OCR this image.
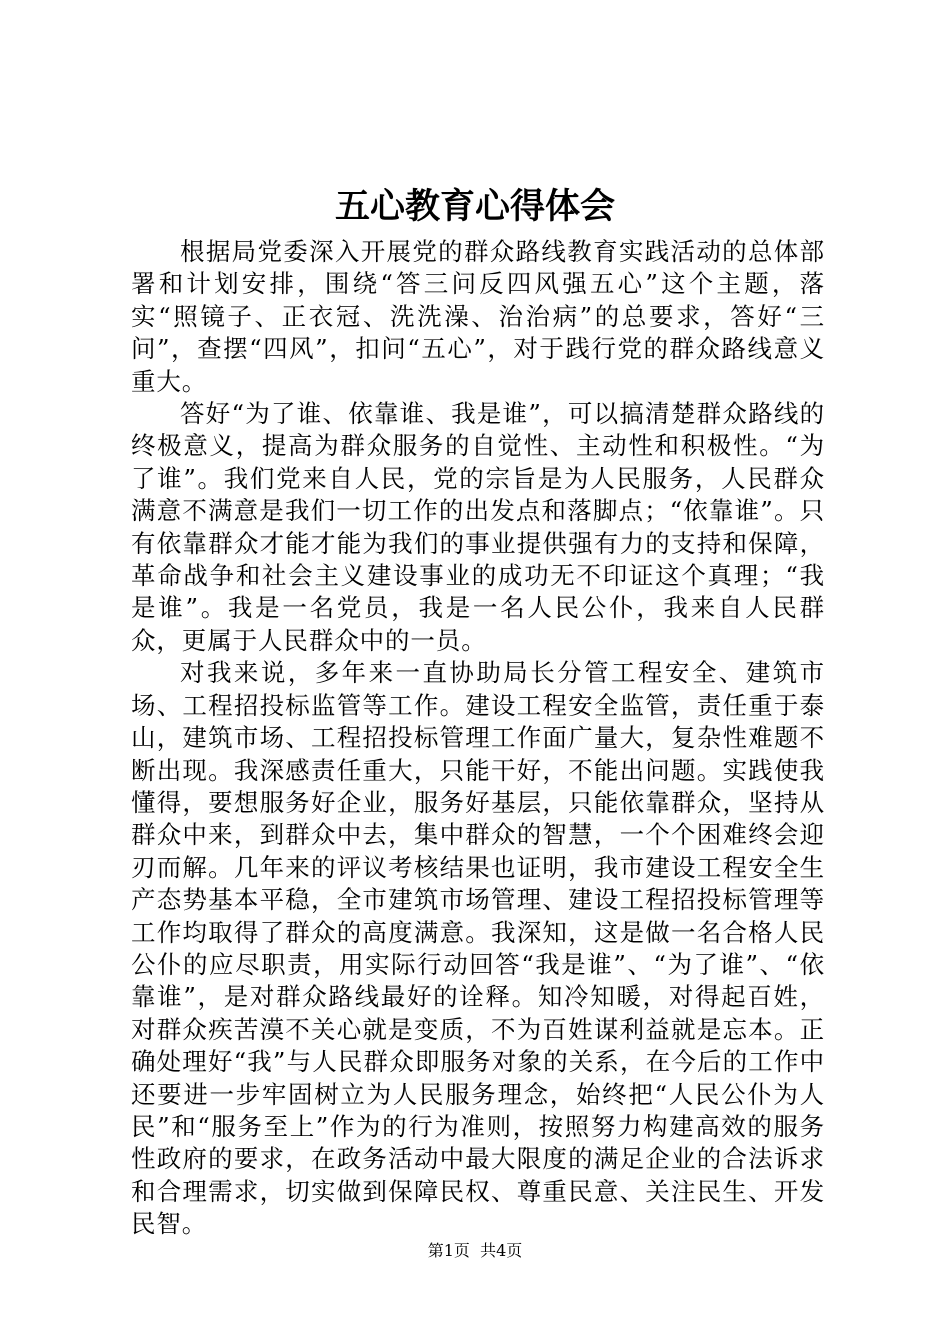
五心教育心得体会

根据局党委深入开展党的群众路线教育实践活动的总体部署和计划安排，围绕“答三问反四风强五心”这个主题，落实“照镜子、正衣冠、洗洗澡、治治病”的总要求，答好“三问”，查摆“四风”，扣问“五心”，对于践行党的群众路线意义重大。

答好“为了谁、依靠谁、我是谁”，可以搞清楚群众路线的终极意义，提高为群众服务的自觉性、主动性和积极性。“为了谁”。我们党来自人民，党的宗旨是为人民服务，人民群众满意不满意是我们一切工作的出发点和落脚点；“依靠谁”。只有依靠群众才能才能为我们的事业提供强有力的支持和保障，革命战争和社会主义建设事业的成功无不印证这个真理；“我是谁”。我是一名党员，我是一名人民公仆，我来自人民群众，更属于人民群众中的一员。

对我来说，多年来一直协助局长分管工程安全、建筑市场、工程招投标监管等工作。建设工程安全监管，责任重于泰山，建筑市场、工程招投标管理工作面广量大，复杂性难题不断出现。我深感责任重大，只能干好，不能出问题。实践使我懂得，要想服务好企业，服务好基层，只能依靠群众，坚持从群众中来，到群众中去，集中群众的智慧，一个个困难终会迎刃而解。几年来的评议考核结果也证明，我市建设工程安全生产态势基本平稳，全市建筑市场管理、建设工程招投标管理等工作均取得了群众的高度满意。我深知，这是做一名合格人民公仆的应尽职责，用实际行动回答“我是谁”、“为了谁”、“依靠谁”，是对群众路线最好的诠释。知冷知暖，对得起百姓，对群众疾苦漠不关心就是变质，不为百姓谋利益就是忘本。正确处理好“我”与人民群众即服务对象的关系，在今后的工作中还要进一步牢固树立为人民服务理念，始终把“人民公仆为人民”和“服务至上”作为的行为准则，按照努力构建高效的服务性政府的要求，在政务活动中最大限度的满足企业的合法诉求和合理需求，切实做到保障民权、尊重民意、关注民生、开发民智。

第1页 共4页
